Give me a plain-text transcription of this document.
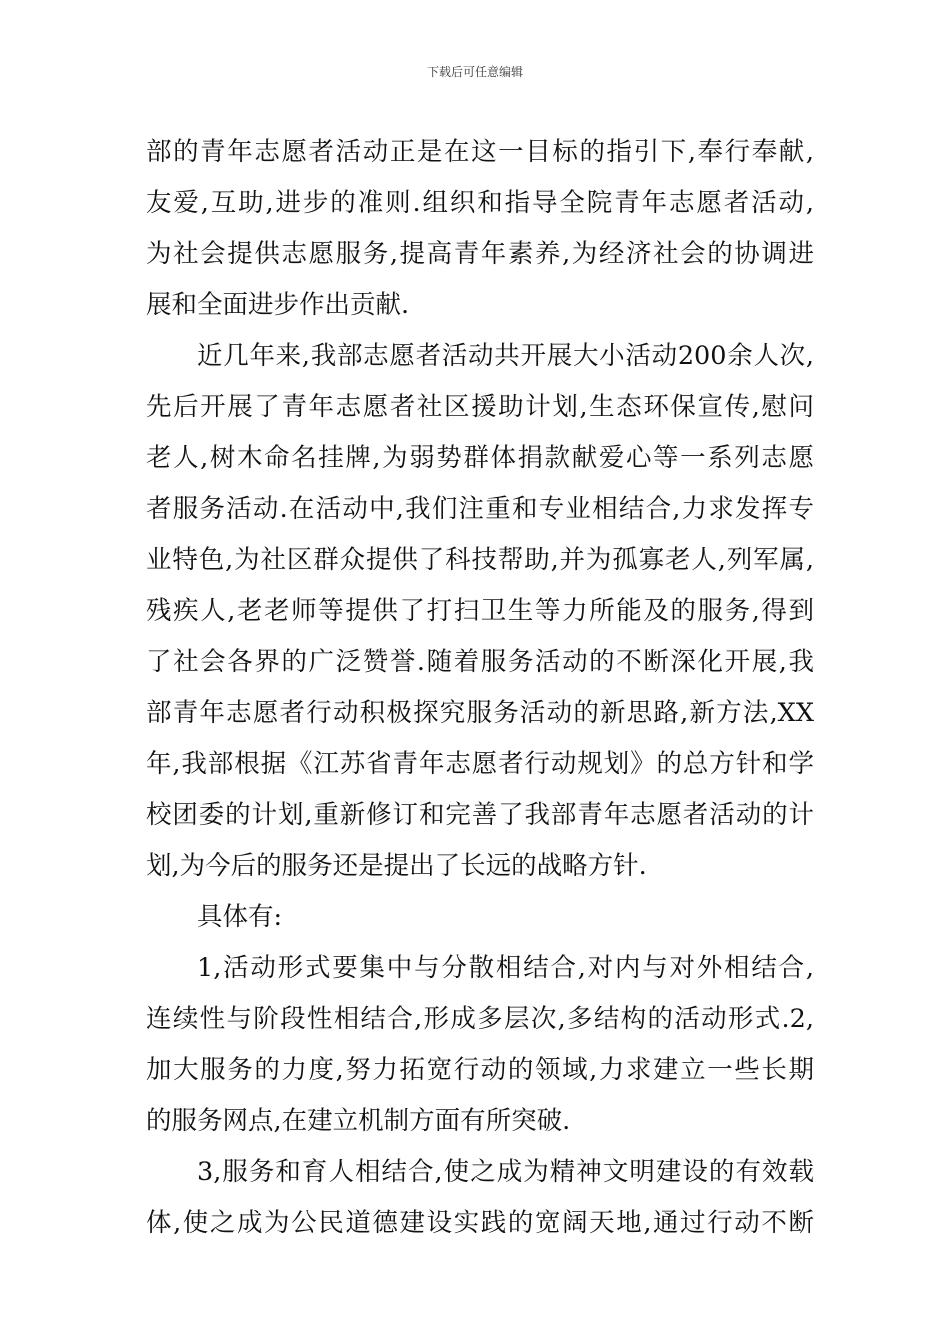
下载后可任意编辑
部的青年志愿者活动正是在这一目标的指引下,奉行奉献,
友爱,互助,进步的准则.组织和指导全院青年志愿者活动,
为社会提供志愿服务,提高青年素养,为经济社会的协调进
展和全面进步作出贡献.
近几年来,我部志愿者活动共开展大小活动200余人次,
先后开展了青年志愿者社区援助计划,生态环保宣传,慰问
老人,树木命名挂牌,为弱势群体捐款献爱心等一系列志愿
者服务活动.在活动中,我们注重和专业相结合,力求发挥专
业特色,为社区群众提供了科技帮助,并为孤寡老人,列军属,
残疾人,老老师等提供了打扫卫生等力所能及的服务,得到
了社会各界的广泛赞誉.随着服务活动的不断深化开展,我
部青年志愿者行动积极探究服务活动的新思路,新方法,XX
年,我部根据《江苏省青年志愿者行动规划》的总方针和学
校团委的计划,重新修订和完善了我部青年志愿者活动的计
划,为今后的服务还是提出了长远的战略方针.
具体有:
1,活动形式要集中与分散相结合,对内与对外相结合,
连续性与阶段性相结合,形成多层次,多结构的活动形式.2,
加大服务的力度,努力拓宽行动的领域,力求建立一些长期
的服务网点,在建立机制方面有所突破.
3,服务和育人相结合,使之成为精神文明建设的有效载
体,使之成为公民道德建设实践的宽阔天地,通过行动不断
